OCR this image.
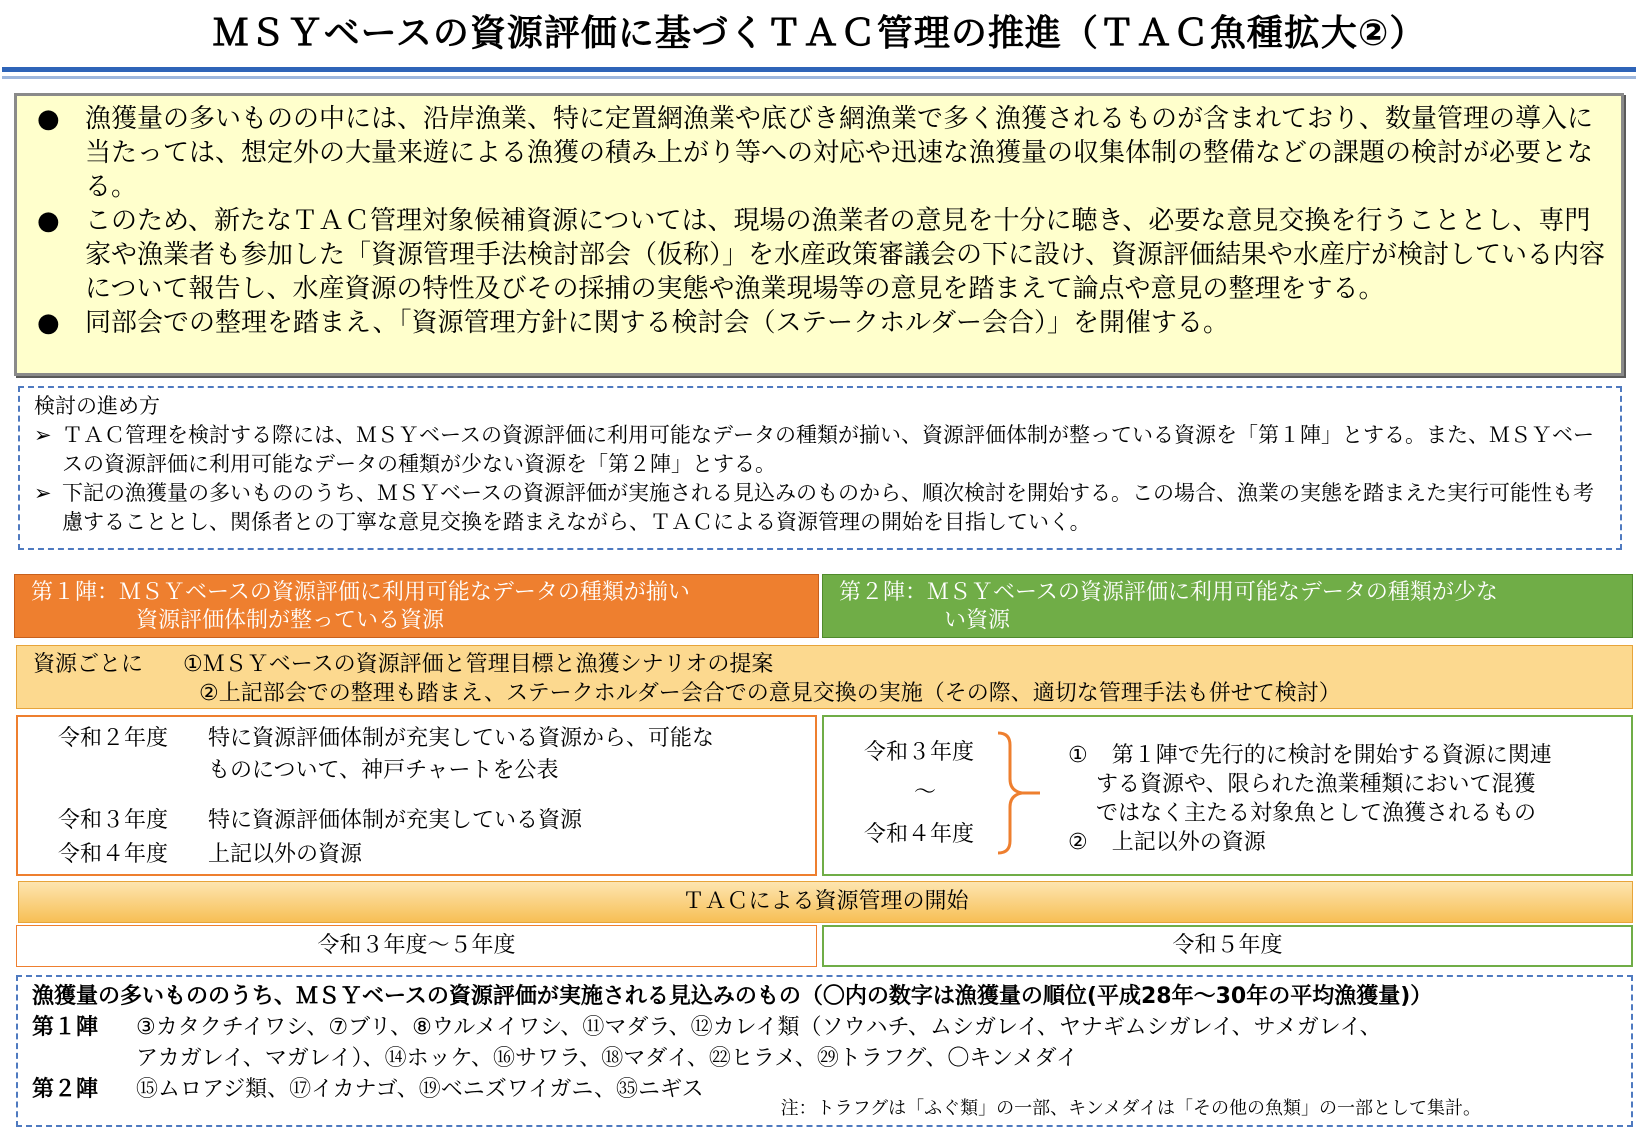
ＭＳＹベースの資源評価に基づくＴＡＣ管理の推進（ＴＡＣ魚種拡大②）

● 漁獲量の多いものの中には、沿岸漁業、特に定置網漁業や底びき網漁業で多く漁獲されるものが含まれており、数量管理の導入に当たっては、想定外の大量来遊による漁獲の積み上がり等への対応や迅速な漁獲量の収集体制の整備などの課題の検討が必要となる。

● このため、新たなＴＡＣ管理対象候補資源については、現場の漁業者の意見を十分に聴き、必要な意見交換を行うこととし、専門家や漁業者も参加した「資源管理手法検討部会（仮称）」を水産政策審議会の下に設け、資源評価結果や水産庁が検討している内容について報告し、水産資源の特性及びその採捕の実態や漁業現場等の意見を踏まえて論点や意見の整理をする。

● 同部会での整理を踏まえ、「資源管理方針に関する検討会（ステークホルダー会合）」を開催する。

検討の進め方

➢ ＴＡＣ管理を検討する際には、ＭＳＹベースの資源評価に利用可能なデータの種類が揃い、資源評価体制が整っている資源を「第１陣」とする。また、ＭＳＹベースの資源評価に利用可能なデータの種類が少ない資源を「第２陣」とする。

➢ 下記の漁獲量の多いもののうち、ＭＳＹベースの資源評価が実施される見込みのものから、順次検討を開始する。この場合、漁業の実態を踏まえた実行可能性も考慮することとし、関係者との丁寧な意見交換を踏まえながら、ＴＡＣによる資源管理の開始を目指していく。

第１陣：ＭＳＹベースの資源評価に利用可能なデータの種類が揃い
資源評価体制が整っている資源
第２陣：ＭＳＹベースの資源評価に利用可能なデータの種類が少な
い資源
資源ごとに ①ＭＳＹベースの資源評価と管理目標と漁獲シナリオの提案
②上記部会での整理も踏まえ、ステークホルダー会合での意見交換の実施（その際、適切な管理手法も併せて検討）
令和２年度 特に資源評価体制が充実している資源から、可能な
ものについて、神戸チャートを公表
令和３年度 特に資源評価体制が充実している資源
令和４年度 上記以外の資源
令和３年度
～
令和４年度
① 第１陣で先行的に検討を開始する資源に関連
する資源や、限られた漁業種類において混獲
ではなく主たる対象魚として漁獲されるもの
② 上記以外の資源
ＴＡＣによる資源管理の開始
令和３年度～５年度	令和５年度
漁獲量の多いもののうち、ＭＳＹベースの資源評価が実施される見込みのもの（〇内の数字は漁獲量の順位(平成28年～30年の平均漁獲量)）
第１陣 ③カタクチイワシ、⑦ブリ、⑧ウルメイワシ、⑪マダラ、⑫カレイ類（ソウハチ、ムシガレイ、ヤナギムシガレイ、サメガレイ、
アカガレイ、マガレイ）、⑭ホッケ、⑯サワラ、⑱マダイ、㉒ヒラメ、㉙トラフグ、〇キンメダイ
第２陣 ⑮ムロアジ類、⑰イカナゴ、⑲ベニズワイガニ、㉟ニギス
注：トラフグは「ふぐ類」の一部、キンメダイは「その他の魚類」の一部として集計。
